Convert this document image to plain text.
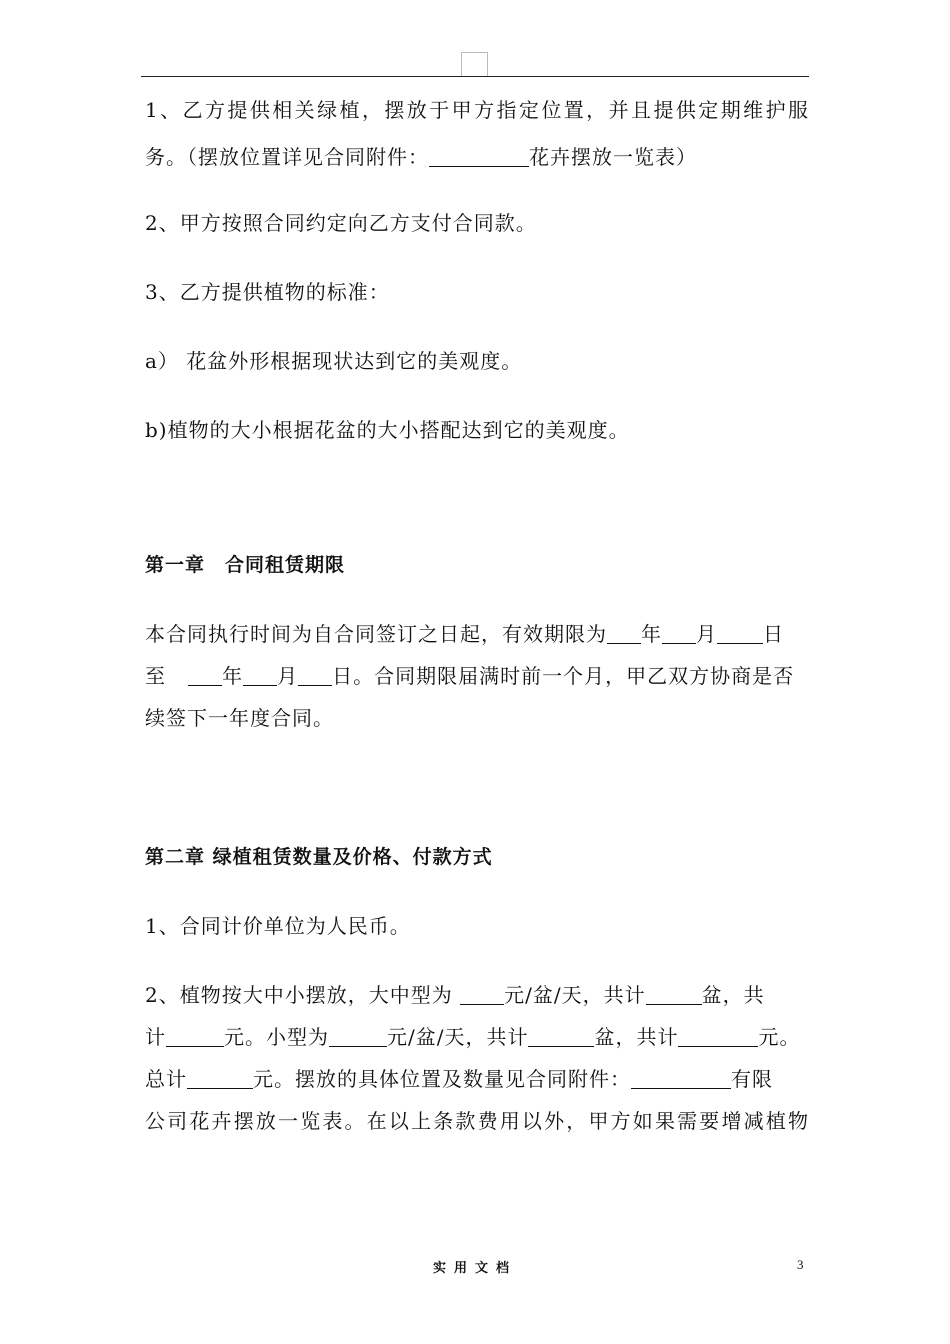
1、乙方提供相关绿植，摆放于甲方指定位置，并且提供定期维护服
务。（摆放位置详见合同附件：	花卉摆放一览表）
2、甲方按照合同约定向乙方支付合同款。
3、乙方提供植物的标准：
a） 花盆外形根据现状达到它的美观度。
b)植物的大小根据花盆的大小搭配达到它的美观度。
第一章　合同租赁期限
本合同执行时间为自合同签订之日起，有效期限为 年 月 日
至	年 月 日。合同期限届满时前一个月，甲乙双方协商是否
续签下一年度合同。
第二章 绿植租赁数量及价格、付款方式
1、合同计价单位为人民币。
2、植物按大中小摆放，大中型为	元/盆/天，共计	盆，共
计	元。小型为	元/盆/天，共计	盆，共计	元。
总计	元。摆放的具体位置及数量见合同附件：	有限
公司花卉摆放一览表。在以上条款费用以外，甲方如果需要增减植物
实用文档	3
